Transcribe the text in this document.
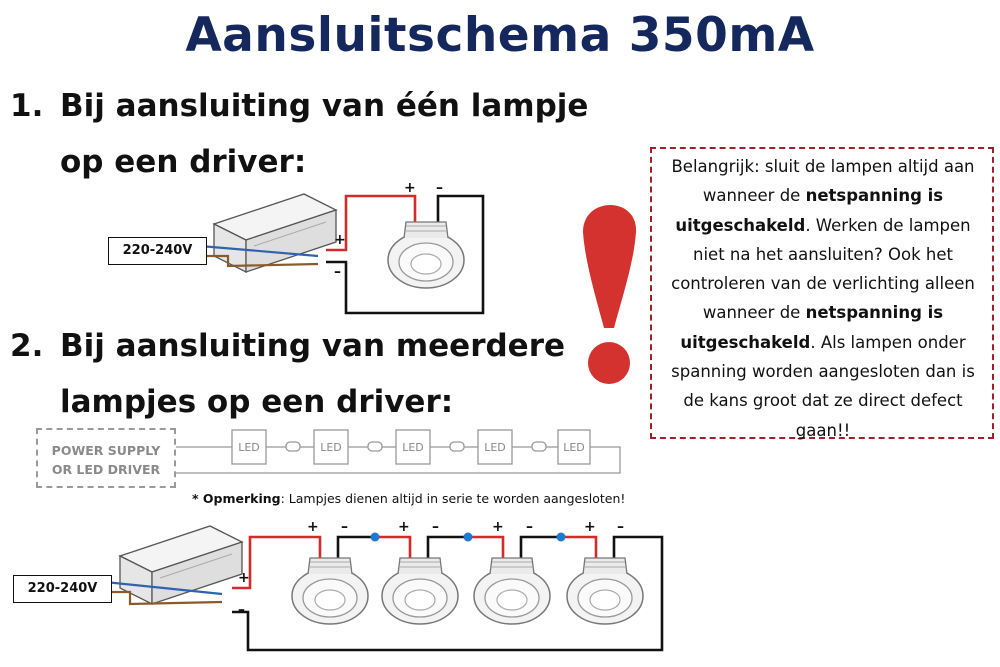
Aansluitschema 350mA
1. Bij aansluiting van één lampje
op een driver:
2. Bij aansluiting van meerdere
lampjes op een driver:
+
–
+ –
LED	LED	LED	LED	LED
+
–
+ –	+ –	+ –	+ –
220-240V
220-240V
POWER SUPPLY
OR LED DRIVER
* Opmerking: Lampjes dienen altijd in serie te worden aangesloten!
Belangrijk: sluit de lampen altijd aan wanneer de netspanning is uitgeschakeld. Werken de lampen niet na het aansluiten? Ook het controleren van de verlichting alleen wanneer de netspanning is uitgeschakeld. Als lampen onder spanning worden aangesloten dan is de kans groot dat ze direct defect gaan!!
